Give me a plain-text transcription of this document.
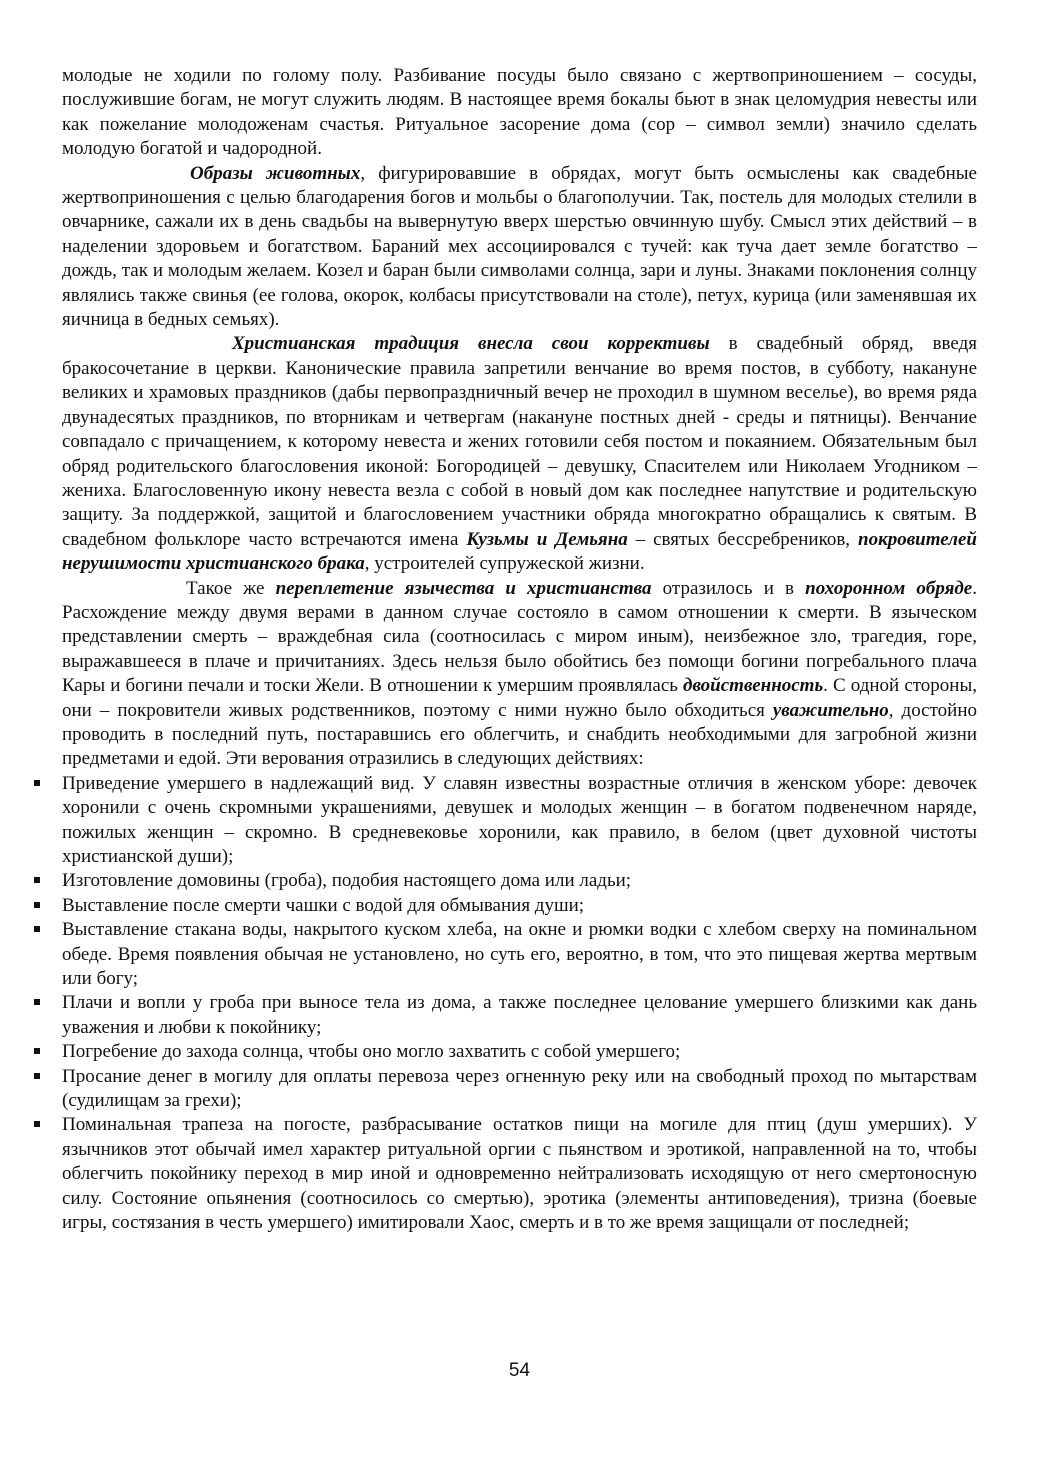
молодые не ходили по голому полу. Разбивание посуды было связано с жертвоприношением – сосуды, послужившие богам, не могут служить людям. В настоящее время бокалы бьют в знак целомудрия невесты или как пожелание молодоженам счастья. Ритуальное засорение дома (сор – символ земли) значило сделать молодую богатой и чадородной.

Образы животных, фигурировавшие в обрядах, могут быть осмыслены как свадебные жертвоприношения с целью благодарения богов и мольбы о благополучии. Так, постель для молодых стелили в овчарнике, сажали их в день свадьбы на вывернутую вверх шерстью овчинную шубу. Смысл этих действий – в наделении здоровьем и богатством. Бараний мех ассоциировался с тучей: как туча дает земле богатство – дождь, так и молодым желаем. Козел и баран были символами солнца, зари и луны. Знаками поклонения солнцу являлись также свинья (ее голова, окорок, колбасы присутствовали на столе), петух, курица (или заменявшая их яичница в бедных семьях).

Христианская традиция внесла свои коррективы в свадебный обряд, введя бракосочетание в церкви. Канонические правила запретили венчание во время постов, в субботу, накануне великих и храмовых праздников (дабы первопраздничный вечер не проходил в шумном веселье), во время ряда двунадесятых праздников, по вторникам и четвергам (накануне постных дней - среды и пятницы). Венчание совпадало с причащением, к которому невеста и жених готовили себя постом и покаянием. Обязательным был обряд родительского благословения иконой: Богородицей – девушку, Спасителем или Николаем Угодником – жениха. Благословенную икону невеста везла с собой в новый дом как последнее напутствие и родительскую защиту. За поддержкой, защитой и благословением участники обряда многократно обращались к святым. В свадебном фольклоре часто встречаются имена Кузьмы и Демьяна – святых бессребреников, покровителей нерушимости христианского брака, устроителей супружеской жизни.

Такое же переплетение язычества и христианства отразилось и в похоронном обряде. Расхождение между двумя верами в данном случае состояло в самом отношении к смерти. В языческом представлении смерть – враждебная сила (соотносилась с миром иным), неизбежное зло, трагедия, горе, выражавшееся в плаче и причитаниях. Здесь нельзя было обойтись без помощи богини погребального плача Кары и богини печали и тоски Жели. В отношении к умершим проявлялась двойственность. С одной стороны, они – покровители живых родственников, поэтому с ними нужно было обходиться уважительно, достойно проводить в последний путь, постаравшись его облегчить, и снабдить необходимыми для загробной жизни предметами и едой. Эти верования отразились в следующих действиях:

Приведение умершего в надлежащий вид. У славян известны возрастные отличия в женском уборе: девочек хоронили с очень скромными украшениями, девушек и молодых женщин – в богатом подвенечном наряде, пожилых женщин – скромно. В средневековье хоронили, как правило, в белом (цвет духовной чистоты христианской души);
Изготовление домовины (гроба), подобия настоящего дома или ладьи;
Выставление после смерти чашки с водой для обмывания души;
Выставление стакана воды, накрытого куском хлеба, на окне и рюмки водки с хлебом сверху на поминальном обеде. Время появления обычая не установлено, но суть его, вероятно, в том, что это пищевая жертва мертвым или богу;
Плачи и вопли у гроба при выносе тела из дома, а также последнее целование умершего близкими как дань уважения и любви к покойнику;
Погребение до захода солнца, чтобы оно могло захватить с собой умершего;
Просание денег в могилу для оплаты перевоза через огненную реку или на свободный проход по мытарствам (судилищам за грехи);
Поминальная трапеза на погосте, разбрасывание остатков пищи на могиле для птиц (душ умерших). У язычников этот обычай имел характер ритуальной оргии с пьянством и эротикой, направленной на то, чтобы облегчить покойнику переход в мир иной и одновременно нейтрализовать исходящую от него смертоносную силу. Состояние опьянения (соотносилось со смертью), эротика (элементы антиповедения), тризна (боевые игры, состязания в честь умершего) имитировали Хаос, смерть и в то же время защищали от последней;
54
